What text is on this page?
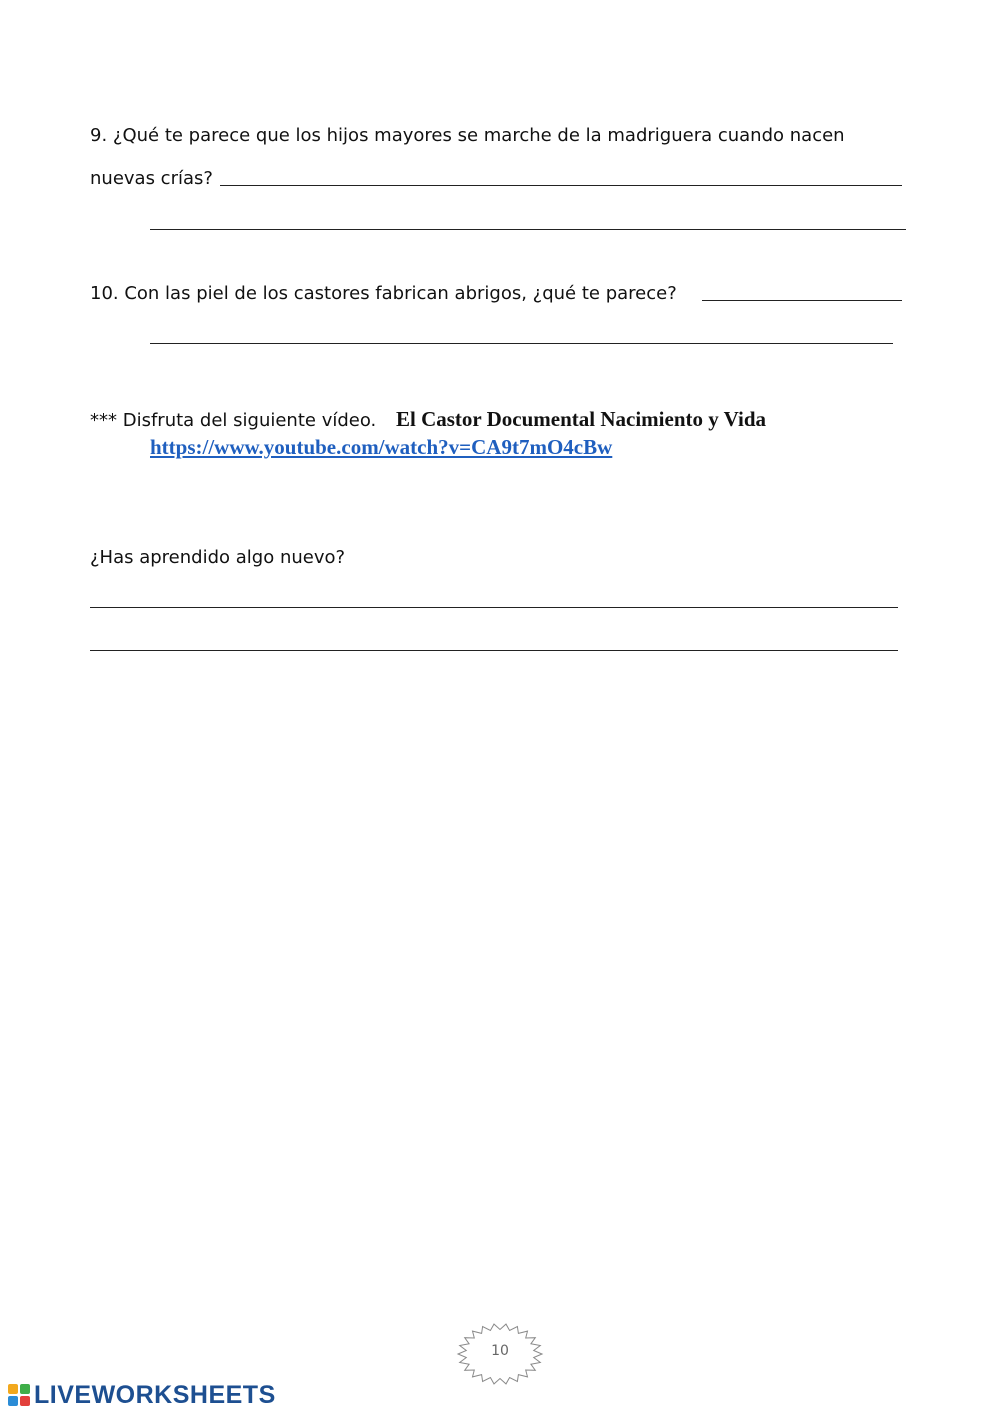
9. ¿Qué te parece que los hijos mayores se marche de la madriguera cuando nacen
nuevas crías?
10. Con las piel de los castores fabrican abrigos, ¿qué te parece?
*** Disfruta del siguiente vídeo. El Castor Documental Nacimiento y Vida
https://www.youtube.com/watch?v=CA9t7mO4cBw
¿Has aprendido algo nuevo?
10
LIVEWORKSHEETS
